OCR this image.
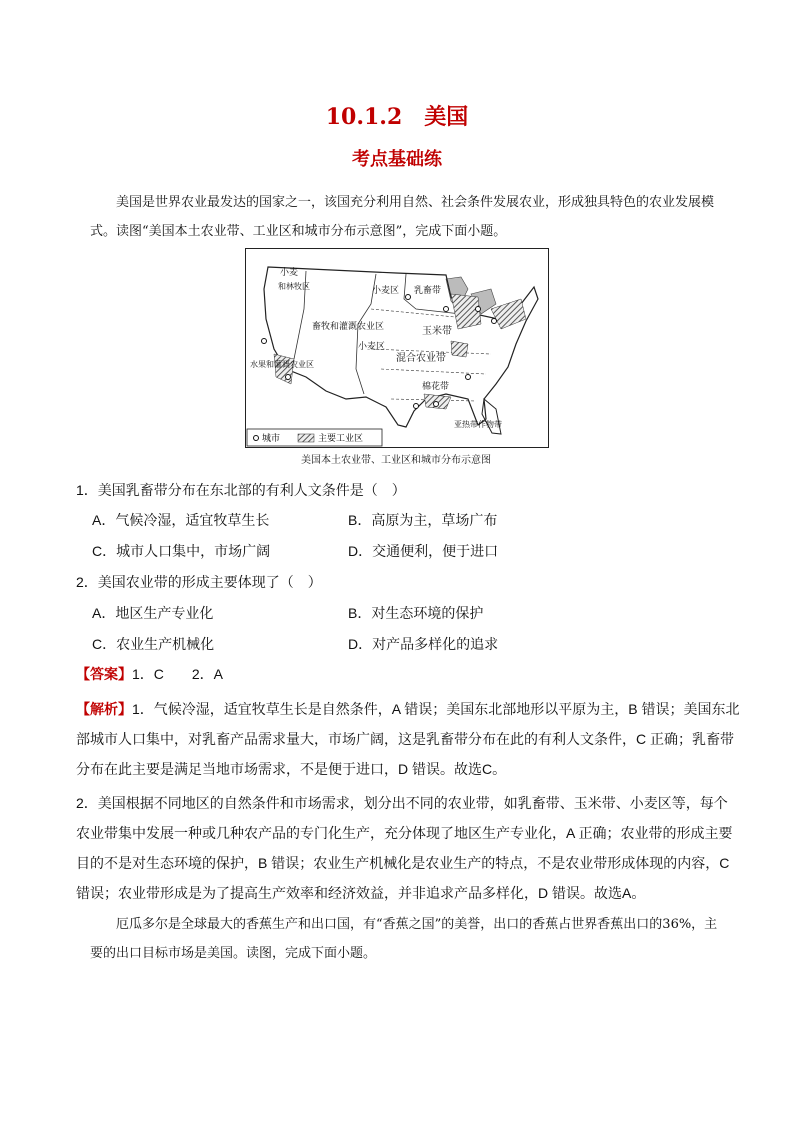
10.1.2　美国
考点基础练
美国是世界农业最发达的国家之一，该国充分利用自然、社会条件发展农业，形成独具特色的农业发展模式。读图“美国本土农业带、工业区和城市分布示意图”，完成下面小题。
小麦
和林牧区
畜牧和灌溉农业区
水果和灌溉农业区
小麦区 乳畜带
玉米带
小麦区
混合农业带
棉花带
亚热带作物带
城市	主要工业区
美国本土农业带、工业区和城市分布示意图
1．美国乳畜带分布在东北部的有利人文条件是（　）
A．气候冷湿，适宜牧草生长	B．高原为主，草场广布
C．城市人口集中，市场广阔	D．交通便利，便于进口
2．美国农业带的形成主要体现了（　）
A．地区生产专业化	B．对生态环境的保护
C．农业生产机械化	D．对产品多样化的追求
【答案】1．C　　2．A
【解析】1．气候冷湿，适宜牧草生长是自然条件，A 错误；美国东北部地形以平原为主，B 错误；美国东北部城市人口集中，对乳畜产品需求量大，市场广阔，这是乳畜带分布在此的有利人文条件，C 正确；乳畜带分布在此主要是满足当地市场需求，不是便于进口，D 错误。故选C。
2．美国根据不同地区的自然条件和市场需求，划分出不同的农业带，如乳畜带、玉米带、小麦区等，每个农业带集中发展一种或几种农产品的专门化生产，充分体现了地区生产专业化，A 正确；农业带的形成主要目的不是对生态环境的保护，B 错误；农业生产机械化是农业生产的特点，不是农业带形成体现的内容，C 错误；农业带形成是为了提高生产效率和经济效益，并非追求产品多样化，D 错误。故选A。
厄瓜多尔是全球最大的香蕉生产和出口国，有“香蕉之国”的美誉，出口的香蕉占世界香蕉出口的36%，主要的出口目标市场是美国。读图，完成下面小题。
